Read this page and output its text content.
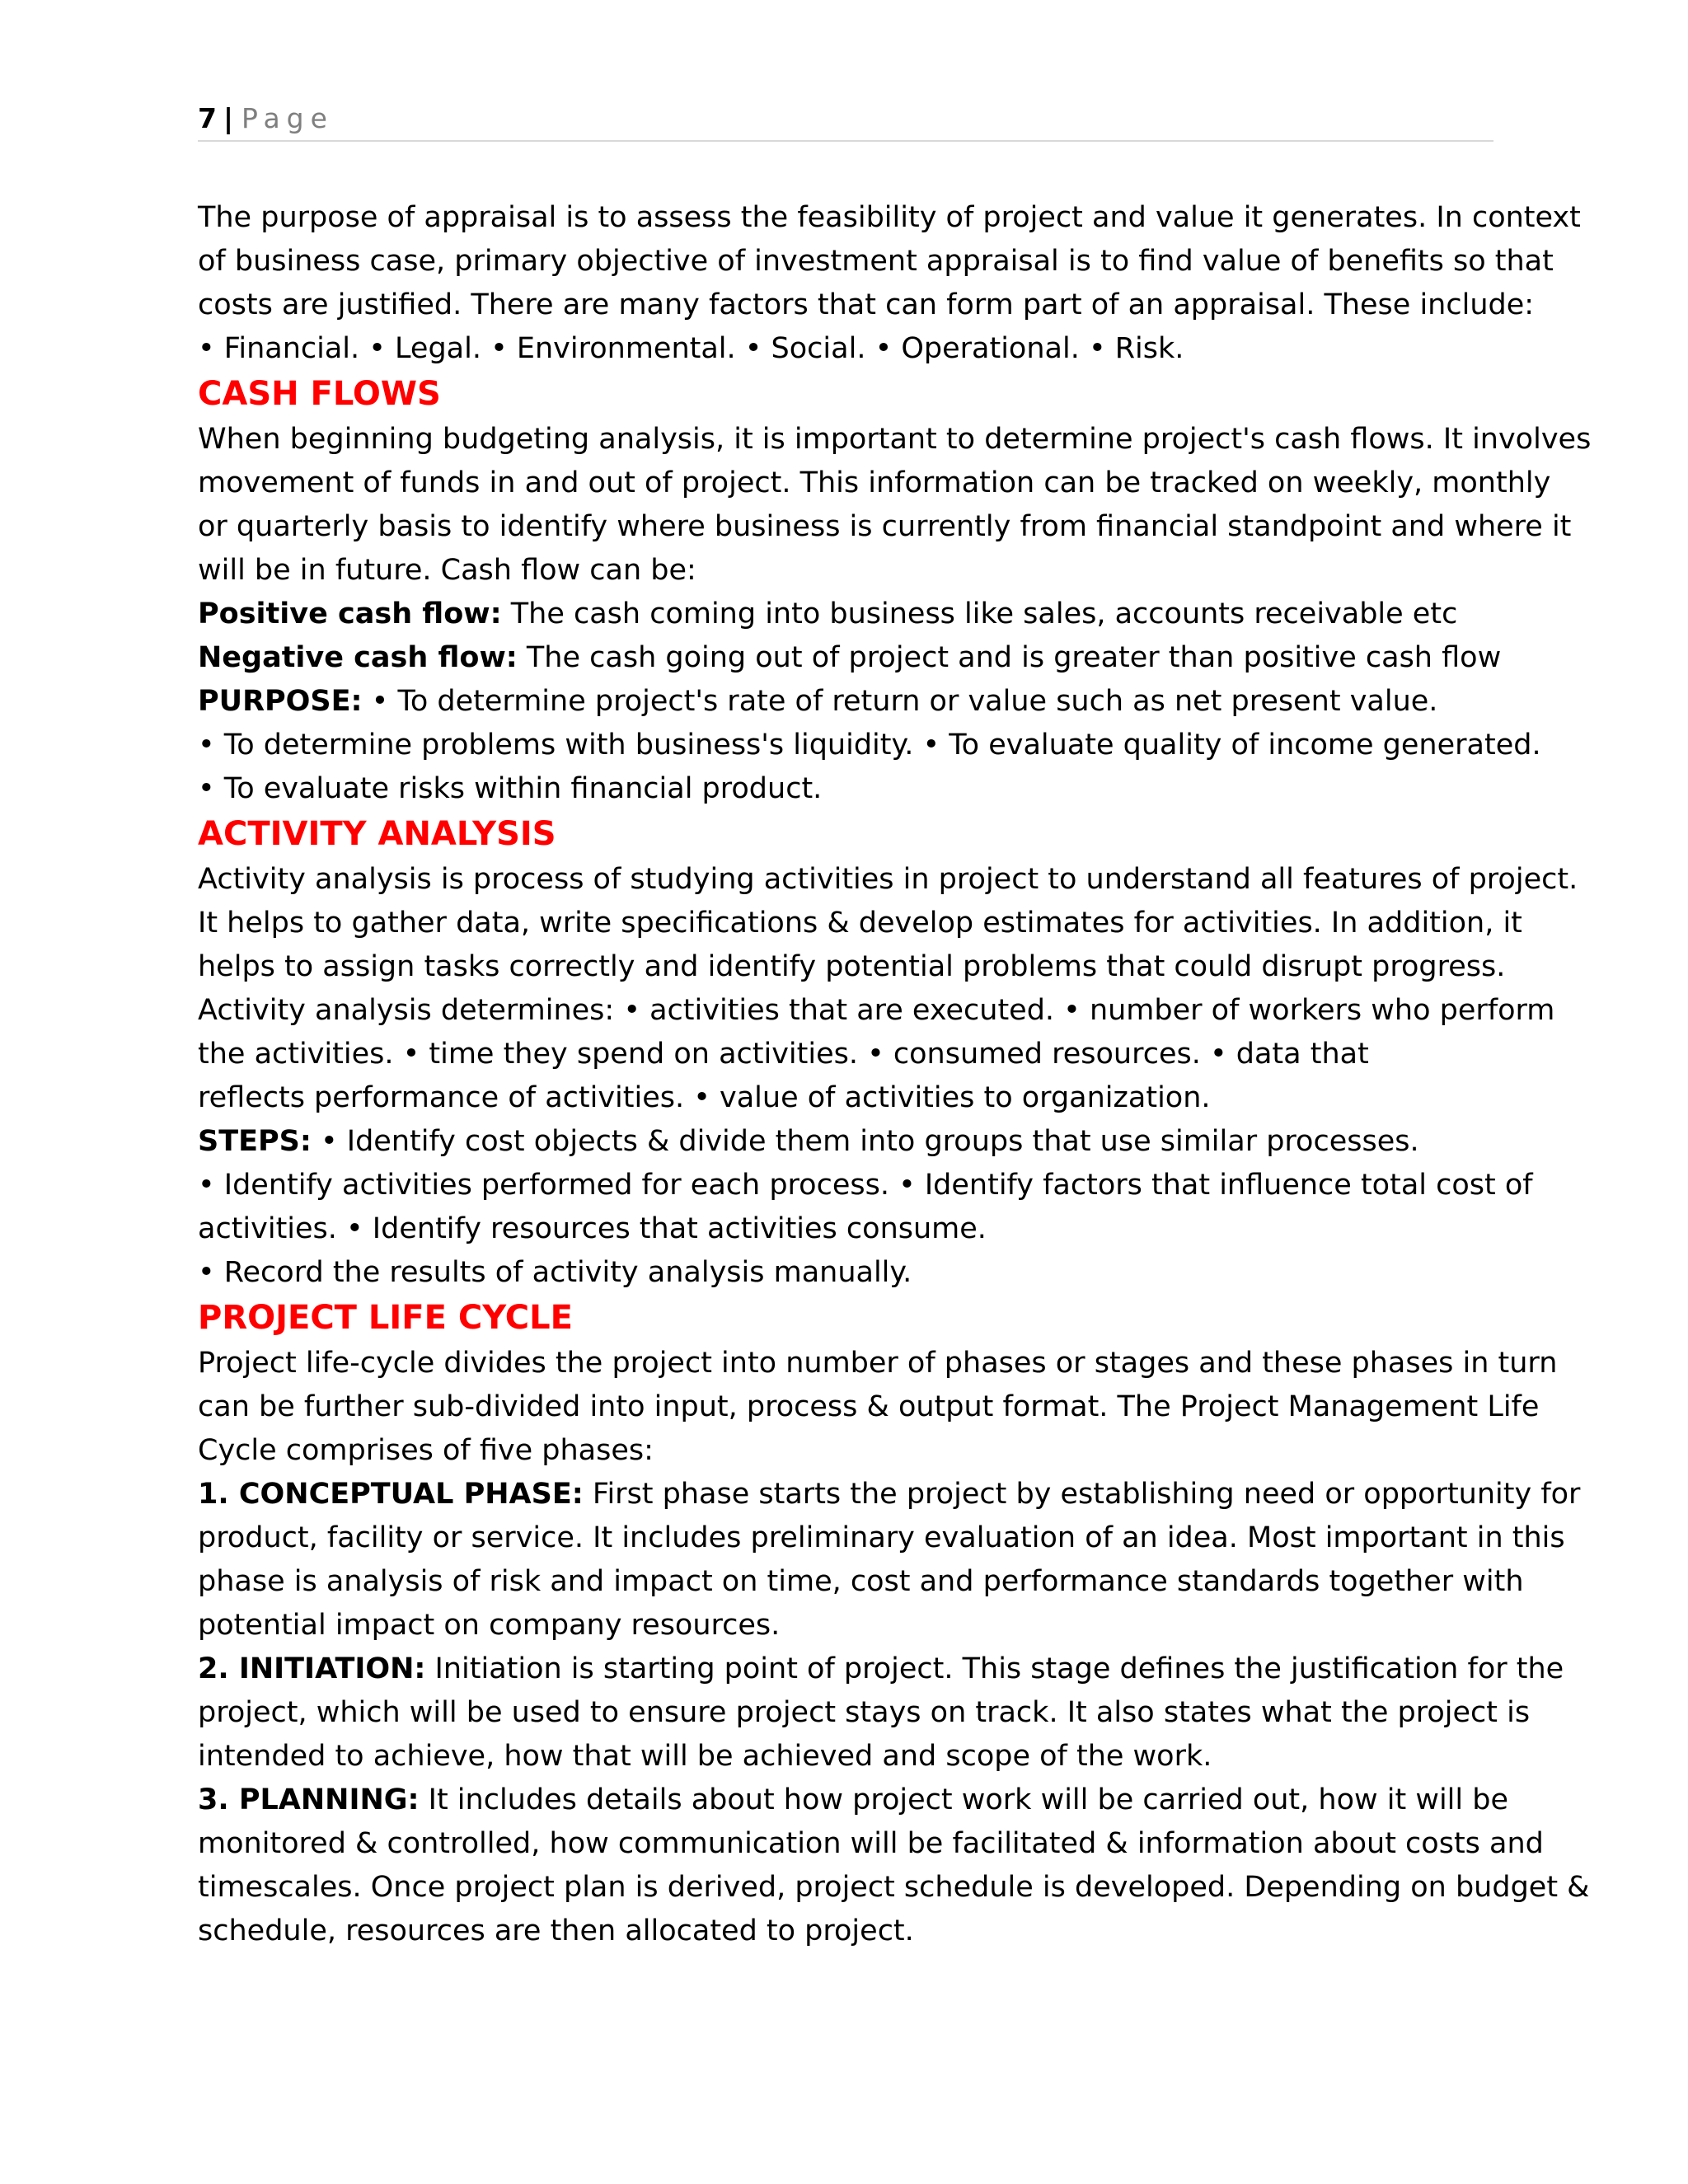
7 | Page
The purpose of appraisal is to assess the feasibility of project and value it generates. In context
of business case, primary objective of investment appraisal is to find value of benefits so that
costs are justified. There are many factors that can form part of an appraisal. These include:
• Financial. • Legal. • Environmental. • Social. • Operational. • Risk.
CASH FLOWS
When beginning budgeting analysis, it is important to determine project's cash flows. It involves
movement of funds in and out of project. This information can be tracked on weekly, monthly
or quarterly basis to identify where business is currently from financial standpoint and where it
will be in future. Cash flow can be:
Positive cash flow: The cash coming into business like sales, accounts receivable etc
Negative cash flow: The cash going out of project and is greater than positive cash flow
PURPOSE: • To determine project's rate of return or value such as net present value.
• To determine problems with business's liquidity. • To evaluate quality of income generated.
• To evaluate risks within financial product.
ACTIVITY ANALYSIS
Activity analysis is process of studying activities in project to understand all features of project.
It helps to gather data, write specifications & develop estimates for activities. In addition, it
helps to assign tasks correctly and identify potential problems that could disrupt progress.
Activity analysis determines: • activities that are executed. • number of workers who perform
the activities. • time they spend on activities. • consumed resources. • data that
reflects performance of activities. • value of activities to organization.
STEPS: • Identify cost objects & divide them into groups that use similar processes.
• Identify activities performed for each process. • Identify factors that influence total cost of
activities. • Identify resources that activities consume.
• Record the results of activity analysis manually.
PROJECT LIFE CYCLE
Project life-cycle divides the project into number of phases or stages and these phases in turn
can be further sub-divided into input, process & output format. The Project Management Life
Cycle comprises of five phases:
1. CONCEPTUAL PHASE: First phase starts the project by establishing need or opportunity for
product, facility or service. It includes preliminary evaluation of an idea. Most important in this
phase is analysis of risk and impact on time, cost and performance standards together with
potential impact on company resources.
2. INITIATION: Initiation is starting point of project. This stage defines the justification for the
project, which will be used to ensure project stays on track. It also states what the project is
intended to achieve, how that will be achieved and scope of the work.
3. PLANNING: It includes details about how project work will be carried out, how it will be
monitored & controlled, how communication will be facilitated & information about costs and
timescales. Once project plan is derived, project schedule is developed. Depending on budget &
schedule, resources are then allocated to project.
